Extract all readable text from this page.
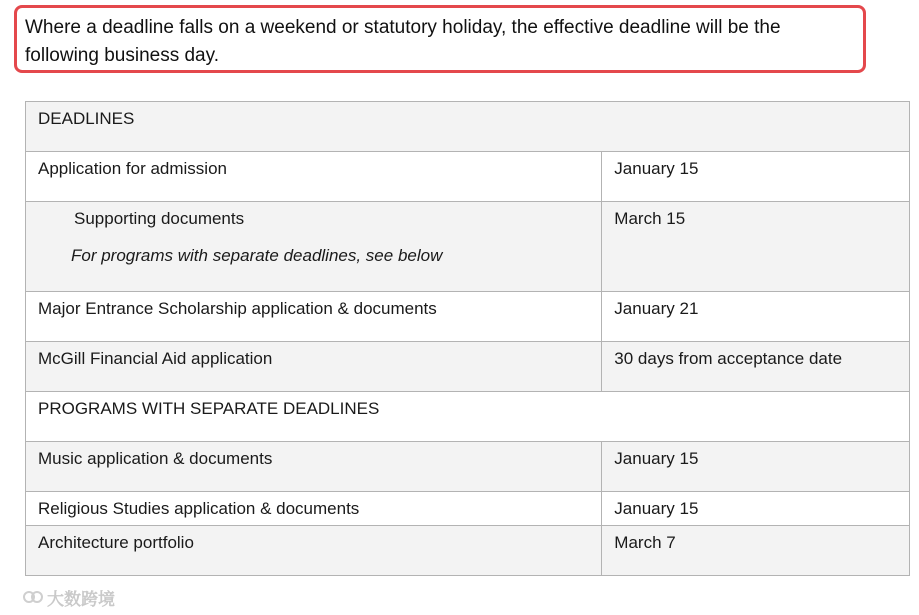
Where a deadline falls on a weekend or statutory holiday, the effective deadline will be the following business day.
DEADLINES	

Application for admission	January 15

Supporting documents
For programs with separate deadlines, see below	March 15

Major Entrance Scholarship application & documents	January 21

McGill Financial Aid application	30 days from acceptance date

PROGRAMS WITH SEPARATE DEADLINES	

Music application & documents	January 15

Religious Studies application & documents	January 15

Architecture portfolio	March 7
大数跨境
